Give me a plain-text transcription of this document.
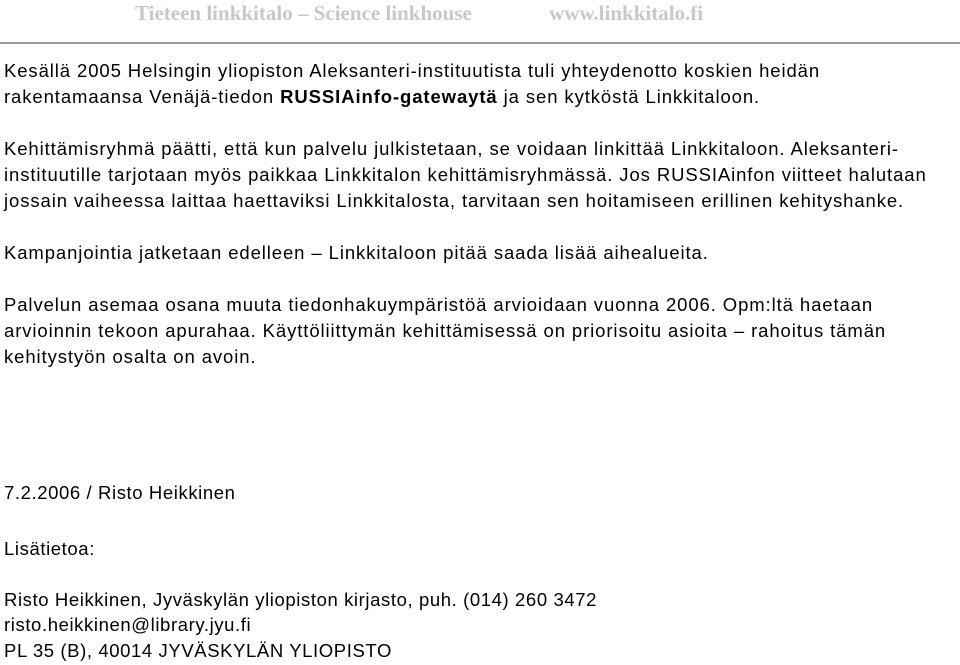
Tieteen linkkitalo – Science linkhouse	www.linkkitalo.fi

Kesällä 2005 Helsingin yliopiston Aleksanteri-instituutista tuli yhteydenotto koskien heidän rakentamaansa Venäjä-tiedon RUSSIAinfo-gatewaytä ja sen kytköstä Linkkitaloon.

Kehittämisryhmä päätti, että kun palvelu julkistetaan, se voidaan linkittää Linkkitaloon. Aleksanteri-instituutille tarjotaan myös paikkaa Linkkitalon kehittämisryhmässä. Jos RUSSIAinfon viitteet halutaan jossain vaiheessa laittaa haettaviksi Linkkitalosta, tarvitaan sen hoitamiseen erillinen kehityshanke.

Kampanjointia jatketaan edelleen – Linkkitaloon pitää saada lisää aihealueita.

Palvelun asemaa osana muuta tiedonhakuympäristöä arvioidaan vuonna 2006. Opm:ltä haetaan arvioinnin tekoon apurahaa. Käyttöliittymän kehittämisessä on priorisoitu asioita – rahoitus tämän kehitystyön osalta on avoin.

7.2.2006 / Risto Heikkinen
Lisätietoa:
Risto Heikkinen, Jyväskylän yliopiston kirjasto, puh. (014) 260 3472
risto.heikkinen@library.jyu.fi
PL 35 (B), 40014 JYVÄSKYLÄN YLIOPISTO
